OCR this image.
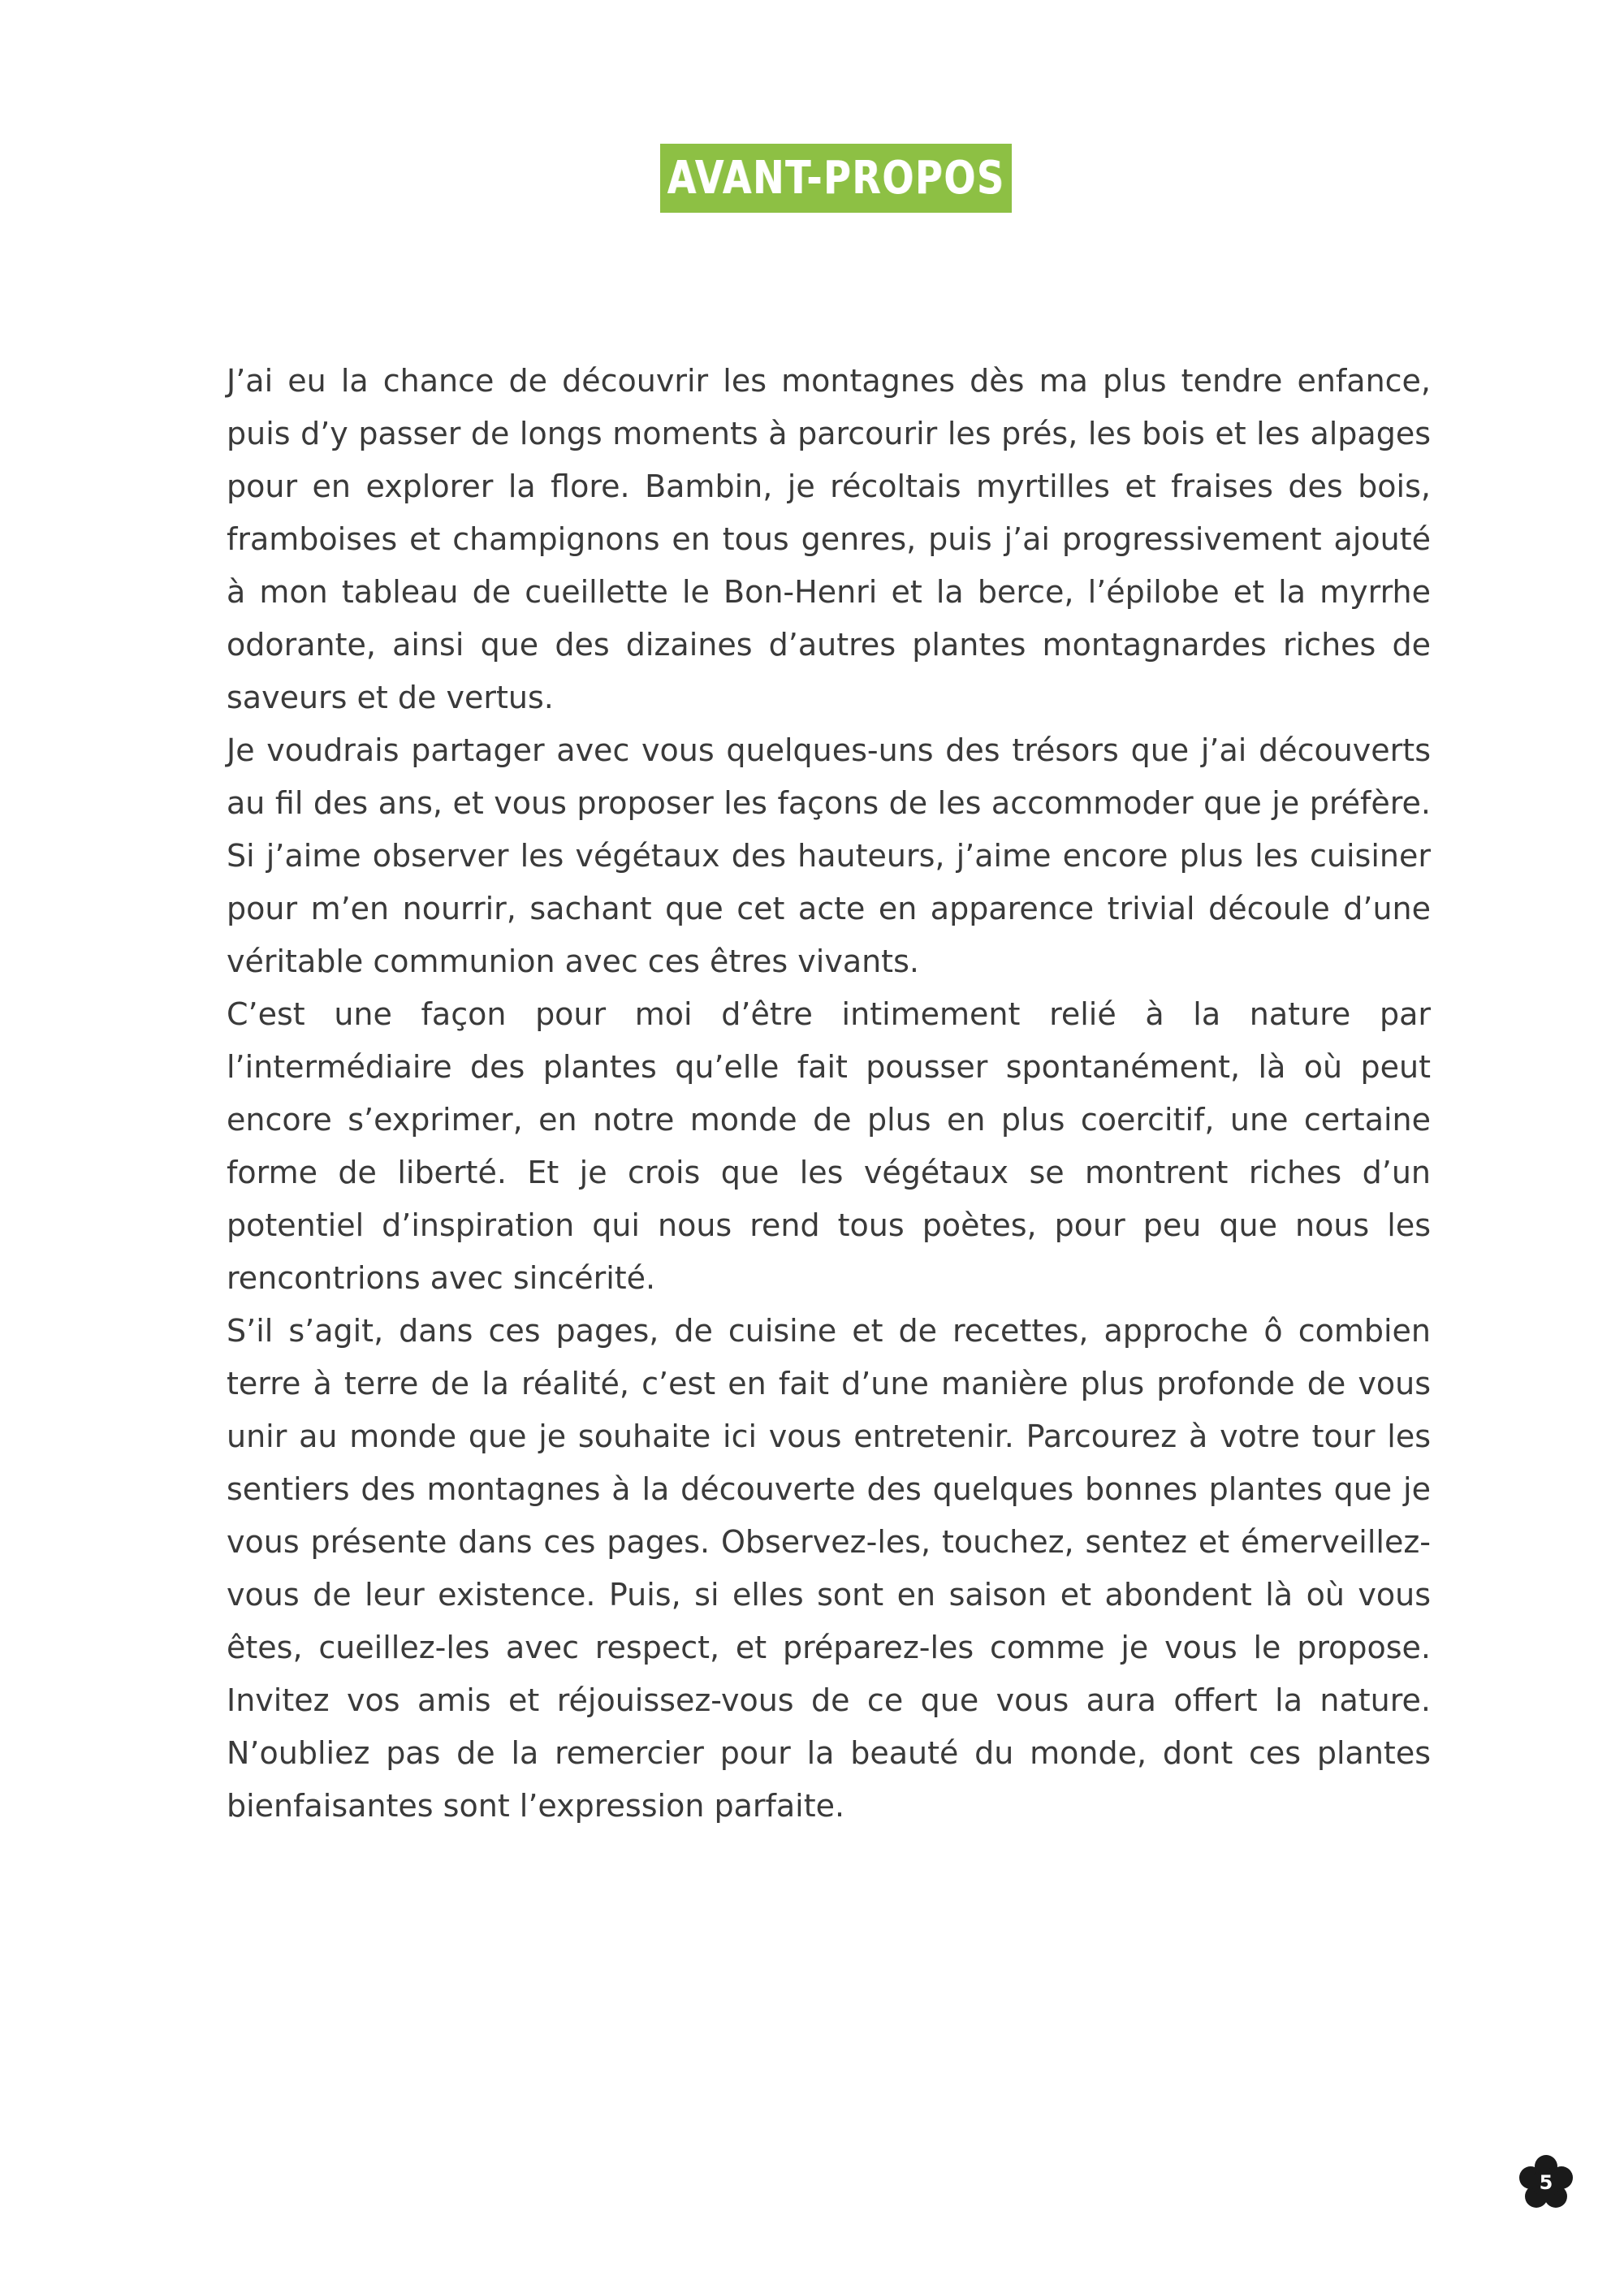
AVANT-PROPOS

J’ai eu la chance de découvrir les montagnes dès ma plus tendre enfance, puis d’y passer de longs moments à parcourir les prés, les bois et les alpages pour en explorer la flore. Bambin, je récoltais myrtilles et fraises des bois, framboises et champignons en tous genres, puis j’ai progressivement ajouté à mon tableau de cueillette le Bon-Henri et la berce, l’épilobe et la myrrhe odorante, ainsi que des dizaines d’autres plantes montagnardes riches de saveurs et de vertus.

Je voudrais partager avec vous quelques-uns des trésors que j’ai découverts au fil des ans, et vous proposer les façons de les accommoder que je préfère. Si j’aime observer les végétaux des hauteurs, j’aime encore plus les cuisiner pour m’en nourrir, sachant que cet acte en apparence trivial découle d’une véritable communion avec ces êtres vivants.

C’est une façon pour moi d’être intimement relié à la nature par l’intermédiaire des plantes qu’elle fait pousser spontanément, là où peut encore s’exprimer, en notre monde de plus en plus coercitif, une certaine forme de liberté. Et je crois que les végétaux se montrent riches d’un potentiel d’inspiration qui nous rend tous poètes, pour peu que nous les rencontrions avec sincérité.

S’il s’agit, dans ces pages, de cuisine et de recettes, approche ô combien terre à terre de la réalité, c’est en fait d’une manière plus profonde de vous unir au monde que je souhaite ici vous entretenir. Parcourez à votre tour les sentiers des montagnes à la découverte des quelques bonnes plantes que je vous présente dans ces pages. Observez-les, touchez, sentez et émerveillez-vous de leur existence. Puis, si elles sont en saison et abondent là où vous êtes, cueillez-les avec respect, et préparez-les comme je vous le propose. Invitez vos amis et réjouissez-vous de ce que vous aura offert la nature. N’oubliez pas de la remercier pour la beauté du monde, dont ces plantes bienfaisantes sont l’expression parfaite.

5
